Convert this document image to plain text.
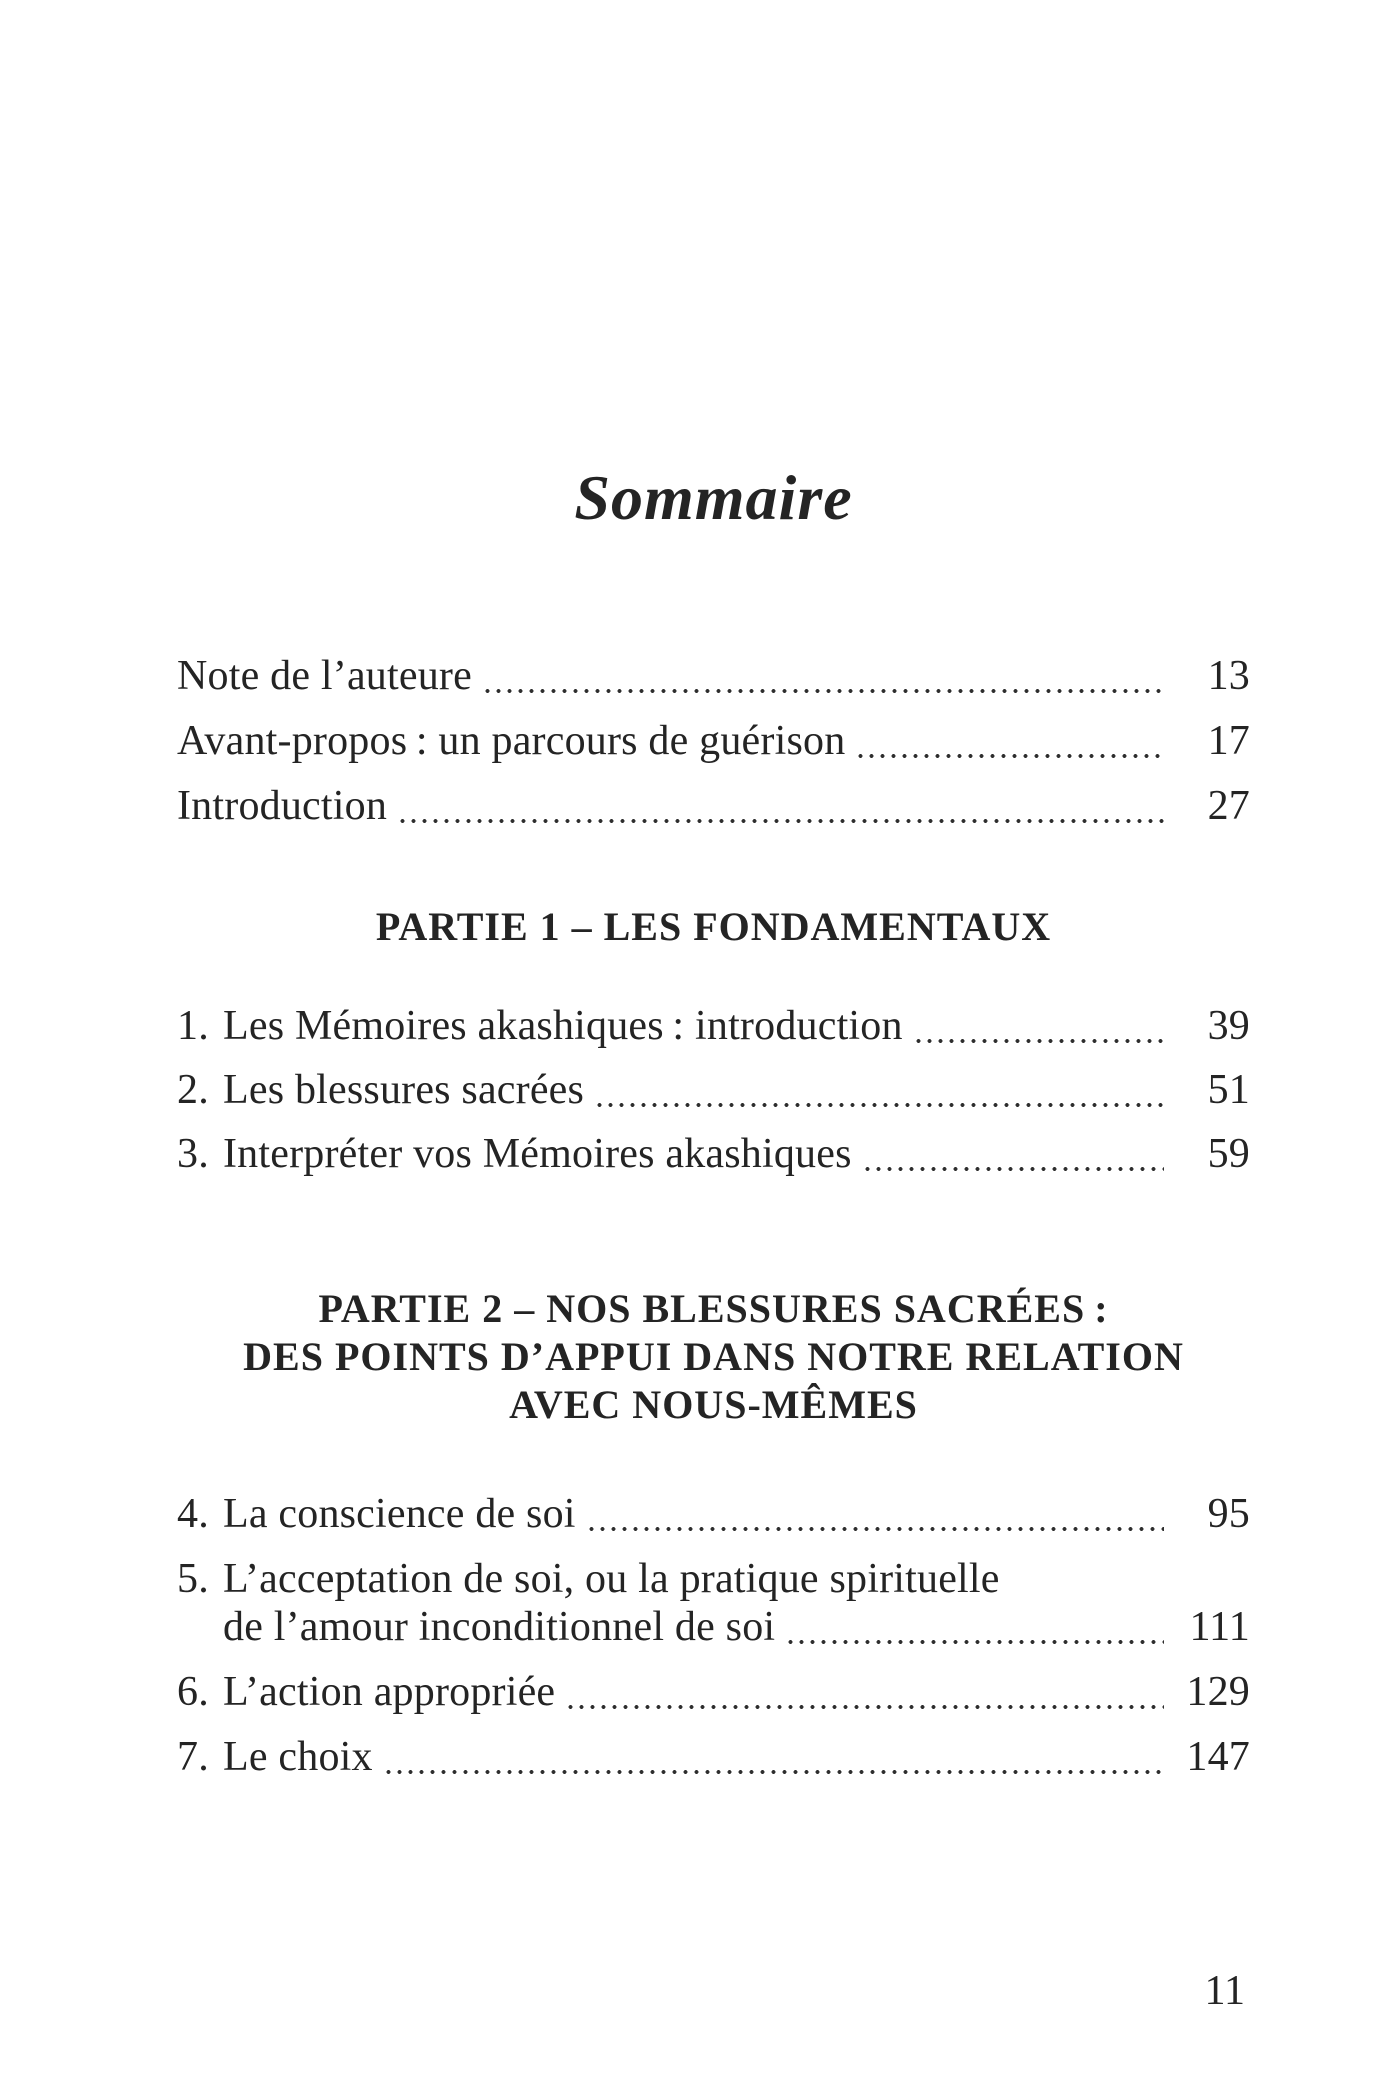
Sommaire
Note de l’auteure	13
Avant-propos : un parcours de guérison	17
Introduction	27
PARTIE 1 – LES FONDAMENTAUX
1. Les Mémoires akashiques : introduction	39
2. Les blessures sacrées	51
3. Interpréter vos Mémoires akashiques	59
PARTIE 2 – NOS BLESSURES SACRÉES :
DES POINTS D’APPUI DANS NOTRE RELATION
AVEC NOUS-MÊMES
4. La conscience de soi	95
5. L’acceptation de soi, ou la pratique spirituelle
de l’amour inconditionnel de soi	111
6. L’action appropriée	129
7. Le choix	147
11
